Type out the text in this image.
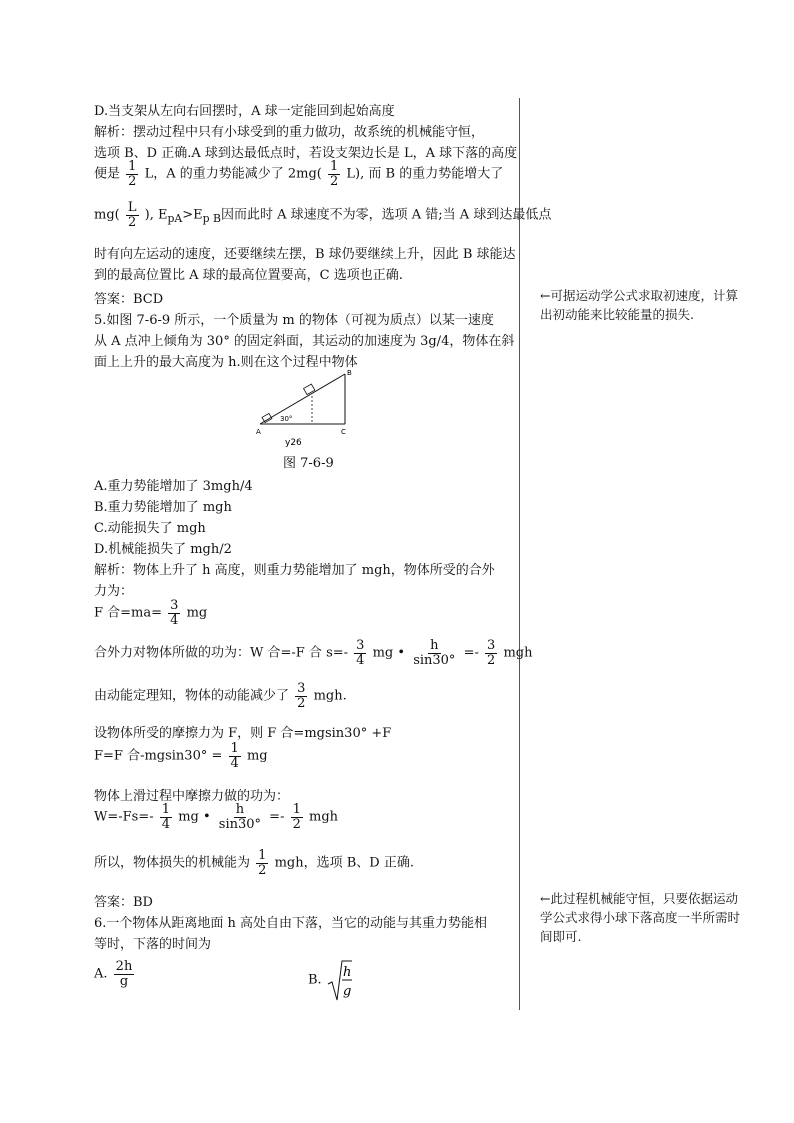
D.当支架从左向右回摆时，A 球一定能回到起始高度
解析：摆动过程中只有小球受到的重力做功，故系统的机械能守恒，
选项 B、D 正确.A 球到达最低点时，若设支架边长是 L，A 球下落的高度
便是 $\frac{1}{2}$ L，A 的重力势能减少了 $2mg( \frac{1}{2} L)$, 而 B 的重力势能增大了
$mg( \frac{L}{2}$ ), $E_{pA}>E_{p B}$因而此时 A 球速度不为零，选项 A 错;当 A 球到达最低点
时有向左运动的速度，还要继续左摆，B 球仍要继续上升，因此 B 球能达
到的最高位置比 A 球的最高位置要高，C 选项也正确.
答案：BCD
5.如图 7-6-9 所示，一个质量为 m 的物体（可视为质点）以某一速度
从 A 点冲上倾角为 30° 的固定斜面，其运动的加速度为 3g/4，物体在斜
面上上升的最大高度为 h.则在这个过程中物体
A
B
C
30°
y26
图 7-6-9
A.重力势能增加了 3mgh/4
B.重力势能增加了 mgh
C.动能损失了 mgh
D.机械能损失了 mgh/2
解析：物体上升了 h 高度，则重力势能增加了 mgh，物体所受的合外
力为：
F 合$=ma= \frac{3}{4}$ mg
合外力对物体所做的功为：W 合=-F 合 $s=- \frac{3}{4}$ mg • $\frac{h}{\sin 30^\circ} =- \frac{3}{2}$ mgh
由动能定理知，物体的动能减少了 $\frac{3}{2}$ mgh.
设物体所受的摩擦力为 F，则 F 合=mgsin30° +F
F=F 合$-mgsin30^\circ = \frac{1}{4}$ mg
物体上滑过程中摩擦力做的功为：
$W=-Fs=- \frac{1}{4}$ mg • $\frac{h}{\sin 30^\circ} =- \frac{1}{2}$ mgh
所以，物体损失的机械能为 $\frac{1}{2}$ mgh，选项 B、D 正确.
答案：BD
6.一个物体从距离地面 h 高处自由下落，当它的动能与其重力势能相
等时，下落的时间为
A. $\frac{2h}{g}$	B. h
g
←可据运动学公式求取初速度，计算出初动能来比较能量的损失.
←此过程机械能守恒，只要依据运动学公式求得小球下落高度一半所需时间即可.
